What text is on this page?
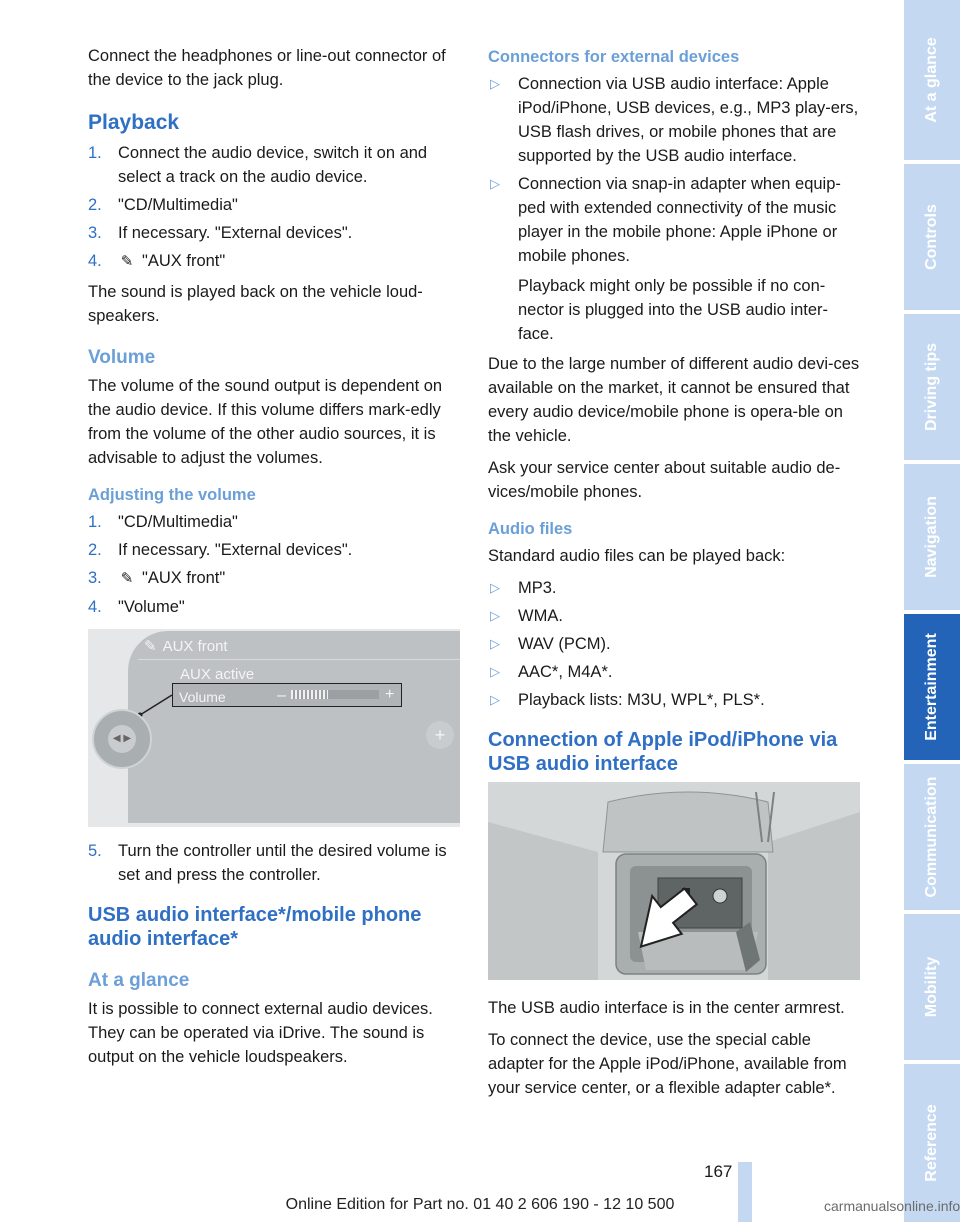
Connect the headphones or line-out connector of the device to the jack plug.

Playback
1. Connect the audio device, switch it on and select a track on the audio device.
2. "CD/Multimedia"
3. If necessary. "External devices".
4. ✎ "AUX front"

The sound is played back on the vehicle loud-speakers.

Volume

The volume of the sound output is dependent on the audio device. If this volume differs mark-edly from the volume of the other audio sources, it is advisable to adjust the volumes.

Adjusting the volume
1. "CD/Multimedia"
2. If necessary. "External devices".
3. ✎ "AUX front"
4. "Volume"
✎ AUX front
AUX active
Volume	–	+
◀ ▶	+
5. Turn the controller until the desired volume is set and press the controller.
USB audio interface*/mobile phone audio interface*
At a glance

It is possible to connect external audio devices. They can be operated via iDrive. The sound is output on the vehicle loudspeakers.

Connectors for external devices
▷ Connection via USB audio interface: Apple iPod/iPhone, USB devices, e.g., MP3 play-ers, USB flash drives, or mobile phones that are supported by the USB audio interface.
▷ Connection via snap-in adapter when equip-ped with extended connectivity of the music player in the mobile phone: Apple iPhone or mobile phones.

Playback might only be possible if no con-nector is plugged into the USB audio inter-face.

Due to the large number of different audio devi-ces available on the market, it cannot be ensured that every audio device/mobile phone is opera-ble on the vehicle.

Ask your service center about suitable audio de-vices/mobile phones.

Audio files

Standard audio files can be played back:

▷ MP3.
▷ WMA.
▷ WAV (PCM).
▷ AAC*, M4A*.
▷ Playback lists: M3U, WPL*, PLS*.
Connection of Apple iPod/iPhone via USB audio interface

The USB audio interface is in the center armrest.

To connect the device, use the special cable adapter for the Apple iPod/iPhone, available from your service center, or a flexible adapter cable*.

At a glance
Controls
Driving tips
Navigation
Entertainment
Communication
Mobility
Reference
167
Online Edition for Part no. 01 40 2 606 190 - 12 10 500	carmanualsonline.info
